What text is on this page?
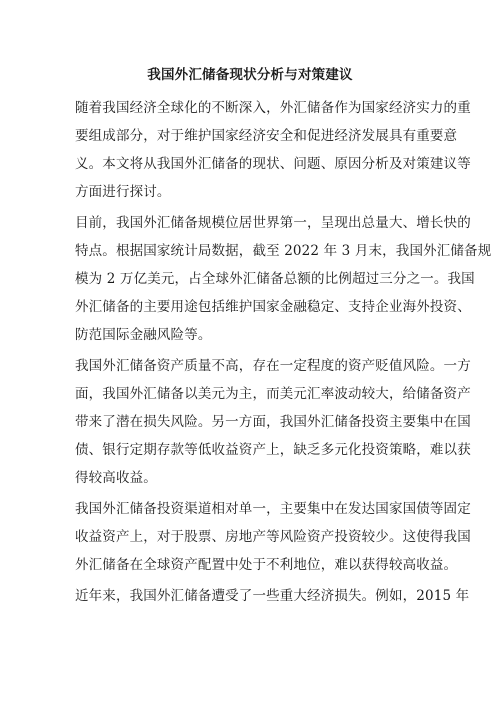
我国外汇储备现状分析与对策建议
随着我国经济全球化的不断深入，外汇储备作为国家经济实力的重
要组成部分，对于维护国家经济安全和促进经济发展具有重要意
义。本文将从我国外汇储备的现状、问题、原因分析及对策建议等
方面进行探讨。
目前，我国外汇储备规模位居世界第一，呈现出总量大、增长快的
特点。根据国家统计局数据，截至 2022 年 3 月末，我国外汇储备规
模为 2 万亿美元，占全球外汇储备总额的比例超过三分之一。我国
外汇储备的主要用途包括维护国家金融稳定、支持企业海外投资、
防范国际金融风险等。
我国外汇储备资产质量不高，存在一定程度的资产贬值风险。一方
面，我国外汇储备以美元为主，而美元汇率波动较大，给储备资产
带来了潜在损失风险。另一方面，我国外汇储备投资主要集中在国
债、银行定期存款等低收益资产上，缺乏多元化投资策略，难以获
得较高收益。
我国外汇储备投资渠道相对单一，主要集中在发达国家国债等固定
收益资产上，对于股票、房地产等风险资产投资较少。这使得我国
外汇储备在全球资产配置中处于不利地位，难以获得较高收益。
近年来，我国外汇储备遭受了一些重大经济损失。例如，2015 年
